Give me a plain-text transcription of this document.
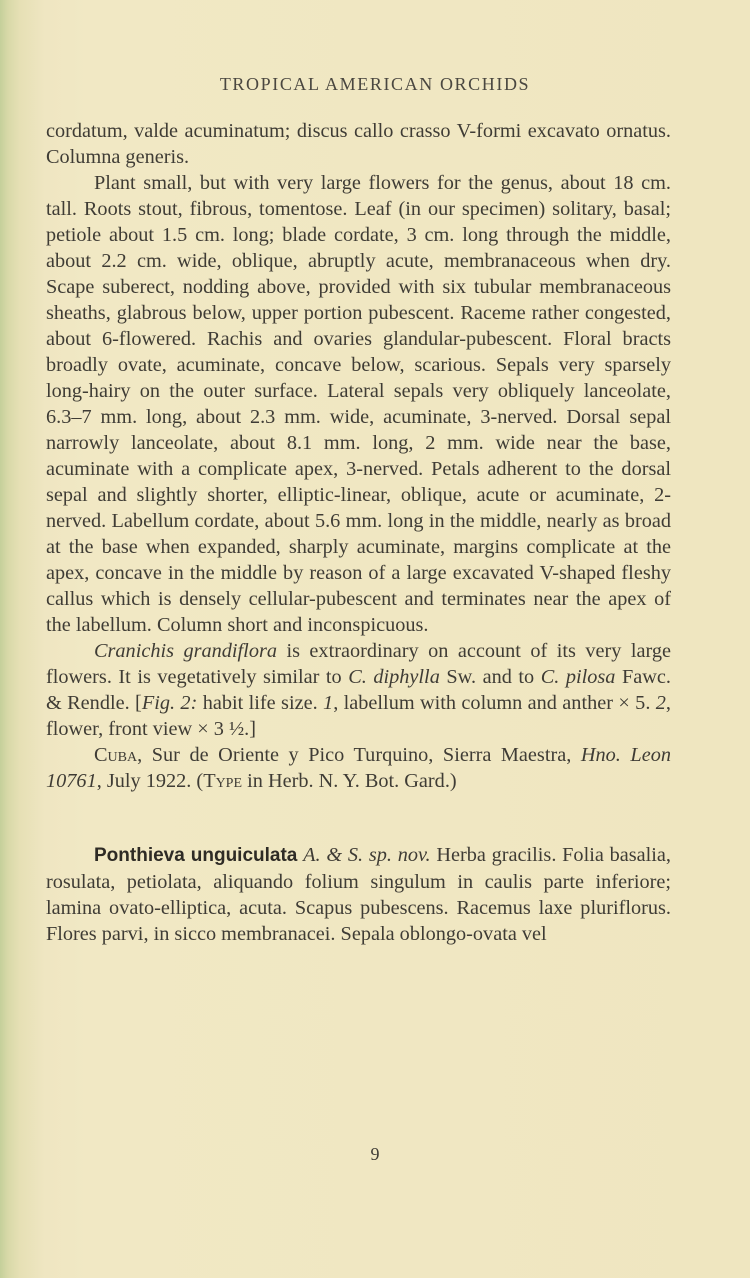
TROPICAL AMERICAN ORCHIDS

cordatum, valde acuminatum; discus callo crasso V-formi excavato ornatus. Columna generis.

Plant small, but with very large flowers for the genus, about 18 cm. tall. Roots stout, fibrous, tomentose. Leaf (in our specimen) solitary, basal; petiole about 1.5 cm. long; blade cordate, 3 cm. long through the middle, about 2.2 cm. wide, oblique, abruptly acute, membranaceous when dry. Scape suberect, nodding above, provided with six tubular membranaceous sheaths, glabrous below, upper portion pubescent. Raceme rather congested, about 6-flowered. Rachis and ovaries glandular-pubescent. Floral bracts broadly ovate, acuminate, concave below, scarious. Sepals very sparsely long-hairy on the outer surface. Lateral sepals very obliquely lanceolate, 6.3–7 mm. long, about 2.3 mm. wide, acuminate, 3-nerved. Dorsal sepal narrowly lanceolate, about 8.1 mm. long, 2 mm. wide near the base, acuminate with a complicate apex, 3-nerved. Petals adherent to the dorsal sepal and slightly shorter, elliptic-linear, oblique, acute or acuminate, 2-nerved. Labellum cordate, about 5.6 mm. long in the middle, nearly as broad at the base when expanded, sharply acuminate, margins complicate at the apex, concave in the middle by reason of a large excavated V-shaped fleshy callus which is densely cellular-pubescent and terminates near the apex of the labellum. Column short and inconspicuous.

Cranichis grandiflora is extraordinary on account of its very large flowers. It is vegetatively similar to C. diphylla Sw. and to C. pilosa Fawc. & Rendle. [Fig. 2: habit life size. 1, labellum with column and anther × 5. 2, flower, front view × 3 ½.]

Cuba, Sur de Oriente y Pico Turquino, Sierra Maestra, Hno. Leon 10761, July 1922. (Type in Herb. N. Y. Bot. Gard.)

Ponthieva unguiculata A. & S. sp. nov. Herba gracilis. Folia basalia, rosulata, petiolata, aliquando folium singulum in caulis parte inferiore; lamina ovato-elliptica, acuta. Scapus pubescens. Racemus laxe pluriflorus. Flores parvi, in sicco membranacei. Sepala oblongo-ovata vel

9
